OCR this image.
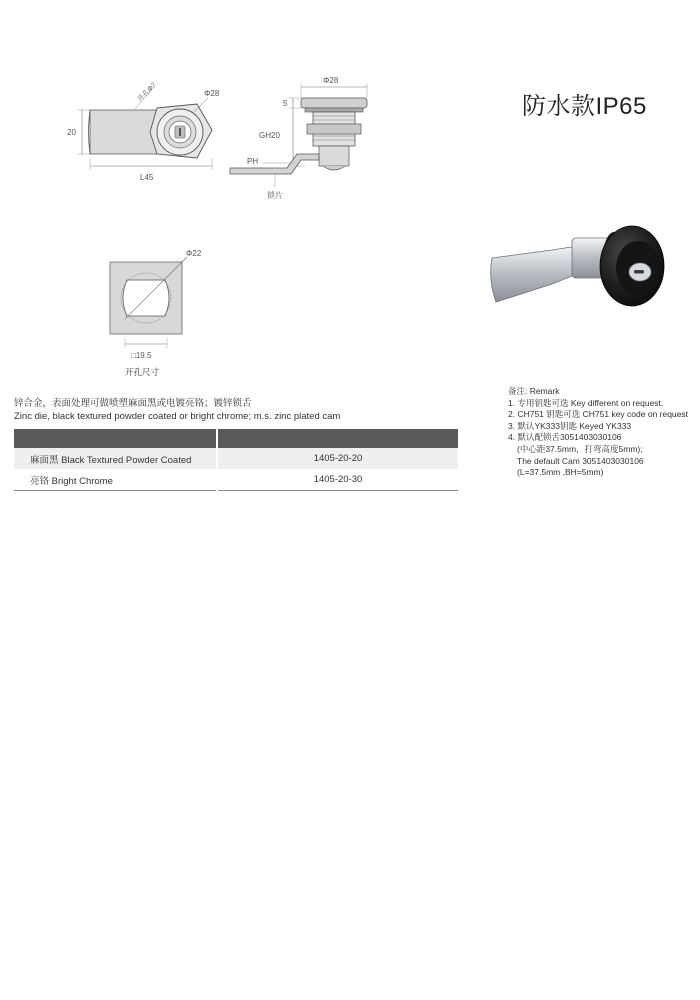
防水款IP65
Φ28
20
L45
开孔Φ？	Φ28
5
GH20
PH
锁片
Φ22
□19.5
开孔尺寸
锌合金，表面处理可做喷塑麻面黑或电镀亮铬；镀锌锁舌
Zinc die, black textured powder coated or bright chrome; m.s. zinc plated cam

麻面黑 Black Textured Powder Coated	1405-20-20
亮铬 Bright Chrome	1405-20-30
备注: Remark
1. 专用钥匙可选 Key different on request.
2. CH751 钥匙可选 CH751 key code on request
3. 默认YK333钥匙 Keyed YK333
4. 默认配锁舌3051403030106
(中心距37.5mm，打弯高度5mm);
The default Cam 3051403030106
(L=37.5mm ,BH=5mm)
